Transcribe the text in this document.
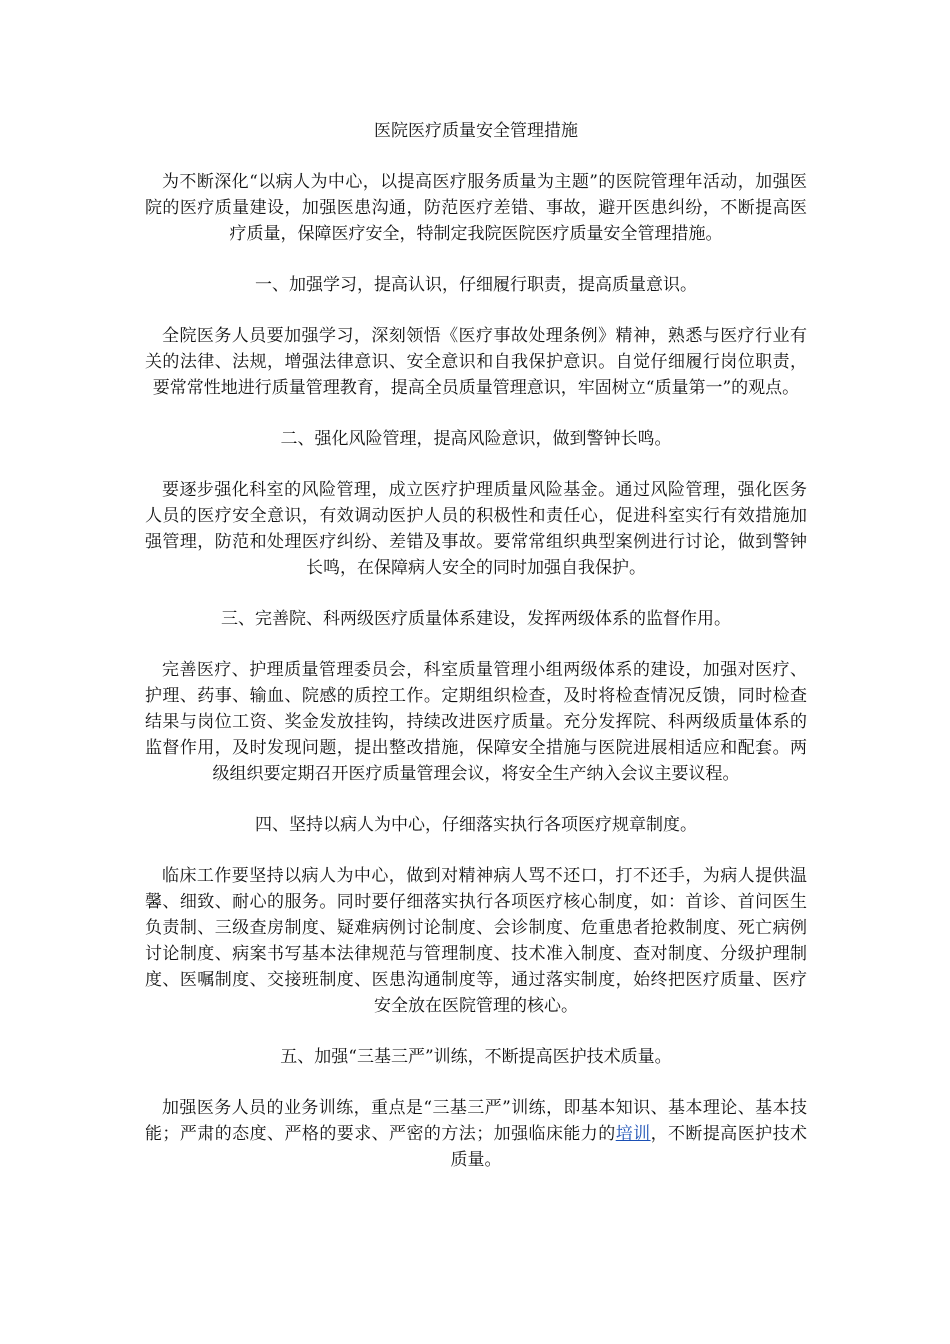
医院医疗质量安全管理措施
为不断深化“以病人为中心，以提高医疗服务质量为主题”的医院管理年活动，加强医院的医疗质量建设，加强医患沟通，防范医疗差错、事故，避开医患纠纷，不断提高医疗质量，保障医疗安全，特制定我院医院医疗质量安全管理措施。
一、加强学习，提高认识，仔细履行职责，提高质量意识。
全院医务人员要加强学习，深刻领悟《医疗事故处理条例》精神，熟悉与医疗行业有关的法律、法规，增强法律意识、安全意识和自我保护意识。自觉仔细履行岗位职责，要常常性地进行质量管理教育，提高全员质量管理意识，牢固树立“质量第一”的观点。
二、强化风险管理，提高风险意识，做到警钟长鸣。
要逐步强化科室的风险管理，成立医疗护理质量风险基金。通过风险管理，强化医务人员的医疗安全意识，有效调动医护人员的积极性和责任心，促进科室实行有效措施加强管理，防范和处理医疗纠纷、差错及事故。要常常组织典型案例进行讨论，做到警钟长鸣，在保障病人安全的同时加强自我保护。
三、完善院、科两级医疗质量体系建设，发挥两级体系的监督作用。
完善医疗、护理质量管理委员会，科室质量管理小组两级体系的建设，加强对医疗、护理、药事、输血、院感的质控工作。定期组织检查，及时将检查情况反馈，同时检查结果与岗位工资、奖金发放挂钩，持续改进医疗质量。充分发挥院、科两级质量体系的监督作用，及时发现问题，提出整改措施，保障安全措施与医院进展相适应和配套。两级组织要定期召开医疗质量管理会议，将安全生产纳入会议主要议程。
四、坚持以病人为中心，仔细落实执行各项医疗规章制度。
临床工作要坚持以病人为中心，做到对精神病人骂不还口，打不还手，为病人提供温馨、细致、耐心的服务。同时要仔细落实执行各项医疗核心制度，如：首诊、首问医生负责制、三级查房制度、疑难病例讨论制度、会诊制度、危重患者抢救制度、死亡病例讨论制度、病案书写基本法律规范与管理制度、技术准入制度、查对制度、分级护理制度、医嘱制度、交接班制度、医患沟通制度等，通过落实制度，始终把医疗质量、医疗安全放在医院管理的核心。
五、加强“三基三严”训练，不断提高医护技术质量。
加强医务人员的业务训练，重点是“三基三严”训练，即基本知识、基本理论、基本技能；严肃的态度、严格的要求、严密的方法；加强临床能力的培训，不断提高医护技术质量。
